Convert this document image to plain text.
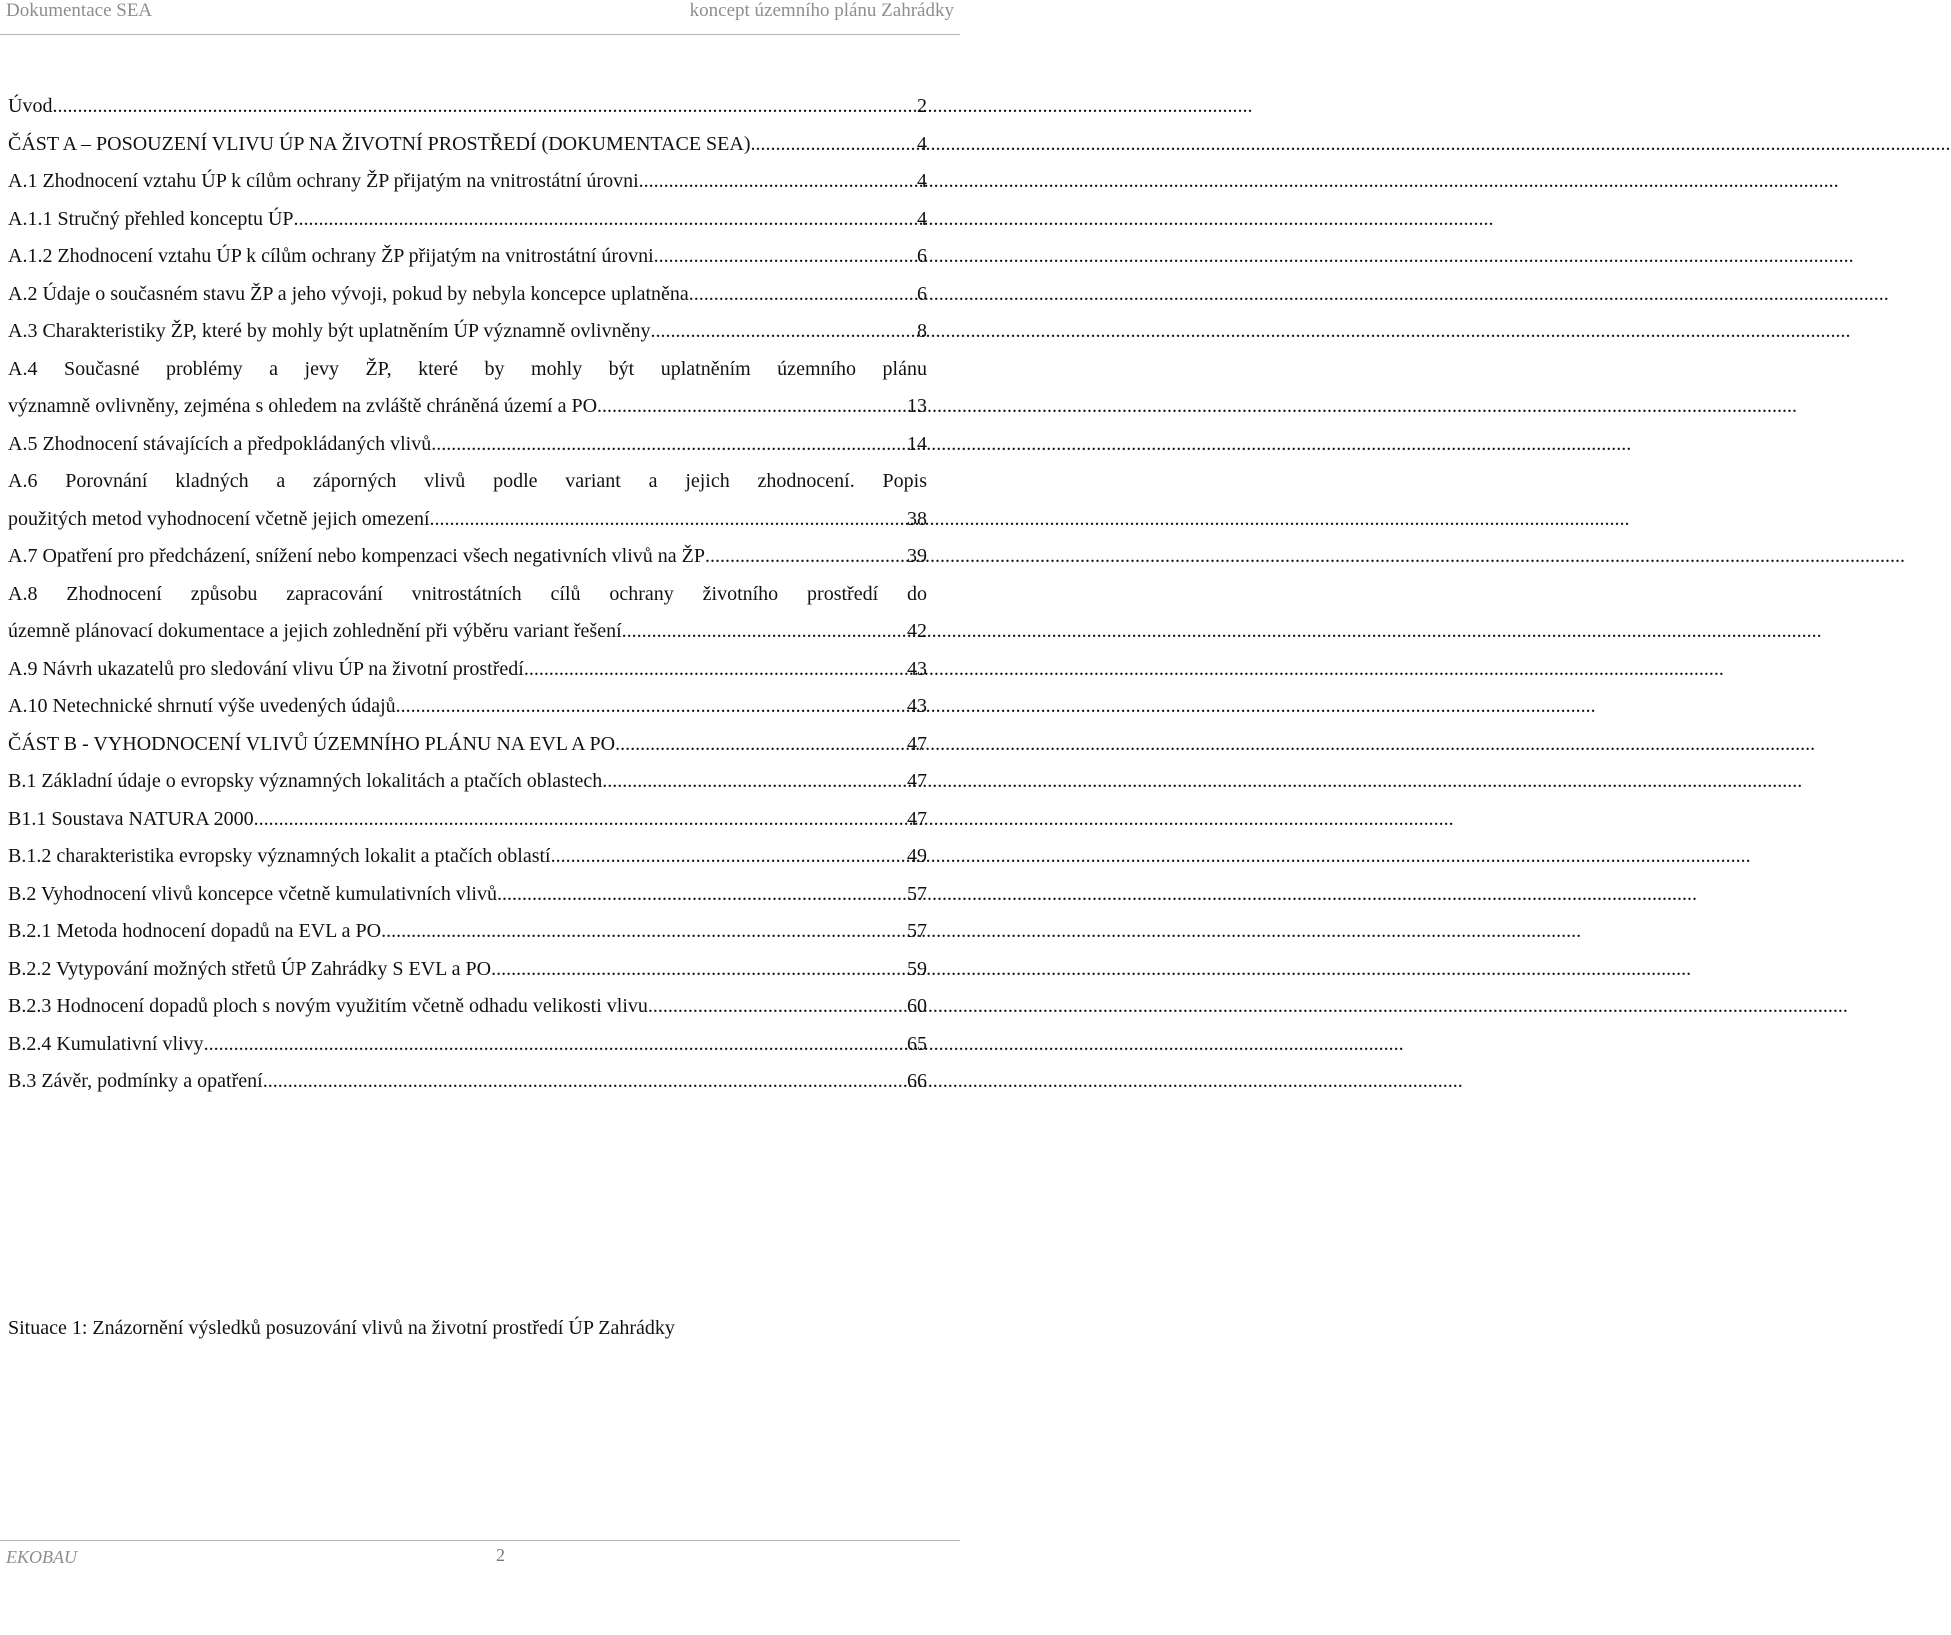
Dokumentace SEA	koncept územního plánu Zahrádky
Úvod .....	2
ČÁST A – POSOUZENÍ VLIVU ÚP NA ŽIVOTNÍ PROSTŘEDÍ (DOKUMENTACE SEA) .....	4
A.1 Zhodnocení vztahu ÚP k cílům ochrany ŽP přijatým na vnitrostátní úrovni .....	4
A.1.1 Stručný přehled konceptu ÚP .....	4
A.1.2 Zhodnocení vztahu ÚP k cílům ochrany ŽP přijatým na vnitrostátní úrovni .....	6
A.2 Údaje o současném stavu ŽP a jeho vývoji, pokud by nebyla koncepce uplatněna .....	6
A.3 Charakteristiky ŽP, které by mohly být uplatněním ÚP významně ovlivněny .....	8
A.4 Současné problémy a jevy ŽP, které by mohly být uplatněním územního plánu
významně ovlivněny, zejména s ohledem na zvláště chráněná území a PO .....	13
A.5 Zhodnocení stávajících a předpokládaných vlivů .....	14
A.6 Porovnání kladných a záporných vlivů podle variant a jejich zhodnocení. Popis
použitých metod vyhodnocení včetně jejich omezení .....	38
A.7 Opatření pro předcházení, snížení nebo kompenzaci všech negativních vlivů na ŽP .....	39
A.8 Zhodnocení způsobu zapracování vnitrostátních cílů ochrany životního prostředí do
územně plánovací dokumentace a jejich zohlednění při výběru variant řešení .....	42
A.9 Návrh ukazatelů pro sledování vlivu ÚP na životní prostředí .....	43
A.10 Netechnické shrnutí výše uvedených údajů .....	43
ČÁST B - VYHODNOCENÍ VLIVŮ ÚZEMNÍHO PLÁNU NA EVL A PO .....	47
B.1 Základní údaje o evropsky významných lokalitách a ptačích oblastech .....	47
B1.1 Soustava NATURA 2000 .....	47
B.1.2 charakteristika evropsky významných lokalit a ptačích oblastí .....	49
B.2 Vyhodnocení vlivů koncepce včetně kumulativních vlivů .....	57
B.2.1 Metoda hodnocení dopadů na EVL a PO .....	57
B.2.2 Vytypování možných střetů ÚP Zahrádky S EVL a PO .....	59
B.2.3 Hodnocení dopadů ploch s novým využitím včetně odhadu velikosti vlivu .....	60
B.2.4 Kumulativní vlivy .....	65
B.3 Závěr, podmínky a opatření .....	66
Situace 1: Znázornění výsledků posuzování vlivů na životní prostředí ÚP Zahrádky
EKOBAU	2
